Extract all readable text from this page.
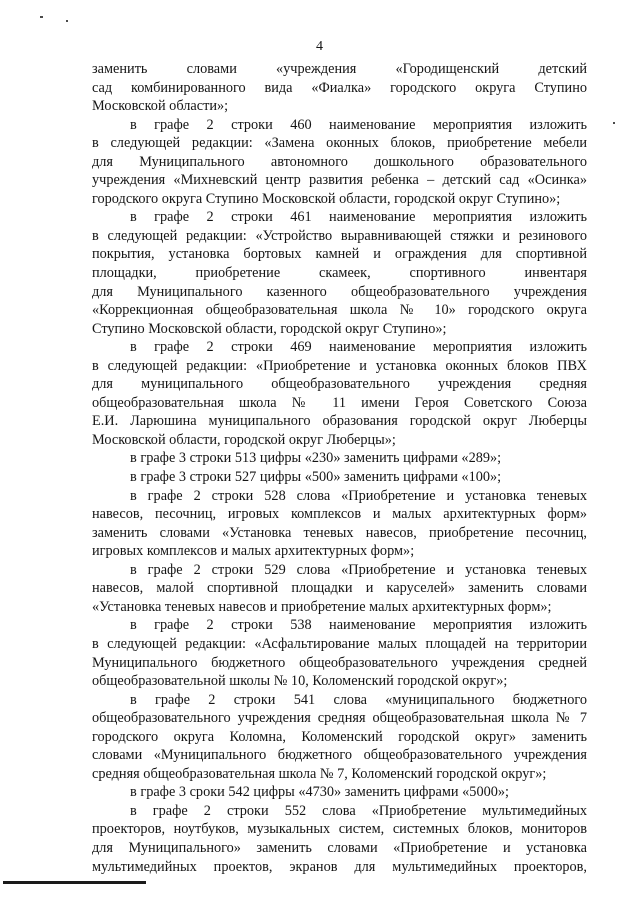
4
заменить словами «учреждения «Городищенский детский
сад комбинированного вида «Фиалка» городского округа Ступино
Московской области»;
в графе 2 строки 460 наименование мероприятия изложить
в следующей редакции: «Замена оконных блоков, приобретение мебели
для Муниципального автономного дошкольного образовательного
учреждения «Михневский центр развития ребенка – детский сад «Осинка»
городского округа Ступино Московской области, городской округ Ступино»;
в графе 2 строки 461 наименование мероприятия изложить
в следующей редакции: «Устройство выравнивающей стяжки и резинового
покрытия, установка бортовых камней и ограждения для спортивной
площадки, приобретение скамеек, спортивного инвентаря
для Муниципального казенного общеобразовательного учреждения
«Коррекционная общеобразовательная школа № 10» городского округа
Ступино Московской области, городской округ Ступино»;
в графе 2 строки 469 наименование мероприятия изложить
в следующей редакции: «Приобретение и установка оконных блоков ПВХ
для муниципального общеобразовательного учреждения средняя
общеобразовательная школа № 11 имени Героя Советского Союза
Е.И. Ларюшина муниципального образования городской округ Люберцы
Московской области, городской округ Люберцы»;
в графе 3 строки 513 цифры «230» заменить цифрами «289»;
в графе 3 строки 527 цифры «500» заменить цифрами «100»;
в графе 2 строки 528 слова «Приобретение и установка теневых
навесов, песочниц, игровых комплексов и малых архитектурных форм»
заменить словами «Установка теневых навесов, приобретение песочниц,
игровых комплексов и малых архитектурных форм»;
в графе 2 строки 529 слова «Приобретение и установка теневых
навесов, малой спортивной площадки и каруселей» заменить словами
«Установка теневых навесов и приобретение малых архитектурных форм»;
в графе 2 строки 538 наименование мероприятия изложить
в следующей редакции: «Асфальтирование малых площадей на территории
Муниципального бюджетного общеобразовательного учреждения средней
общеобразовательной школы № 10, Коломенский городской округ»;
в графе 2 строки 541 слова «муниципального бюджетного
общеобразовательного учреждения средняя общеобразовательная школа № 7
городского округа Коломна, Коломенский городской округ» заменить
словами «Муниципального бюджетного общеобразовательного учреждения
средняя общеобразовательная школа № 7, Коломенский городской округ»;
в графе 3 сроки 542 цифры «4730» заменить цифрами «5000»;
в графе 2 строки 552 слова «Приобретение мультимедийных
проекторов, ноутбуков, музыкальных систем, системных блоков, мониторов
для Муниципального» заменить словами «Приобретение и установка
мультимедийных проектов, экранов для мультимедийных проекторов,
